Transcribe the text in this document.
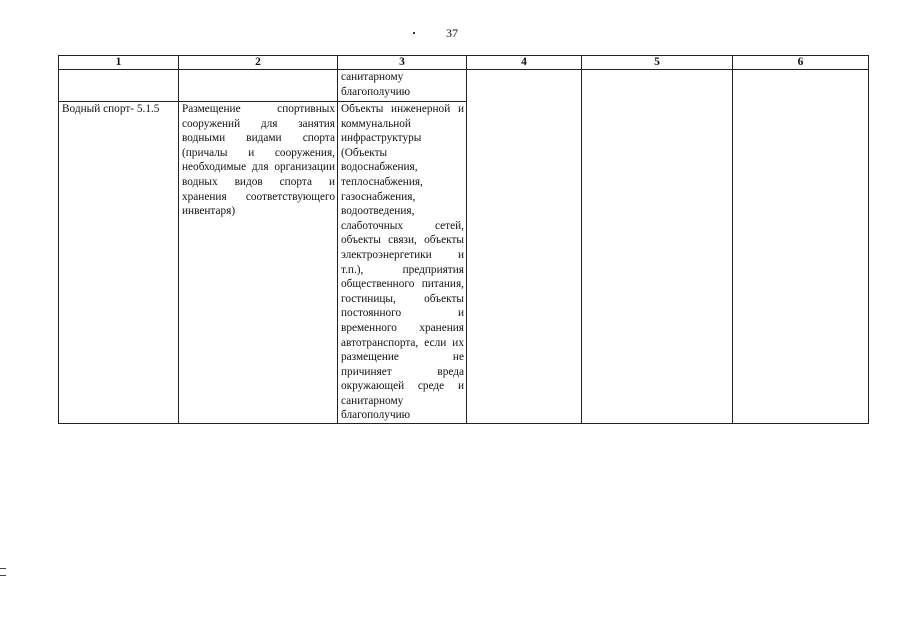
37
1	2	3	4	5	6

		санитарному благополучию			

Водный спорт- 5.1.5	Размещение спортивных сооружений для занятия водными видами спорта (причалы и сооружения, необходимые для организации водных видов спорта и хранения соответствующего инвентаря)	Объекты инженерной и коммунальной инфраструктуры (Объекты водоснабжения, теплоснабжения, газоснабжения, водоотведения, слаботочных сетей, объекты связи, объекты электроэнергетики и т.п.), предприятия общественного питания, гостиницы, объекты постоянного и временного хранения автотранспорта, если их размещение не причиняет вреда окружающей среде и санитарному благополучию			
